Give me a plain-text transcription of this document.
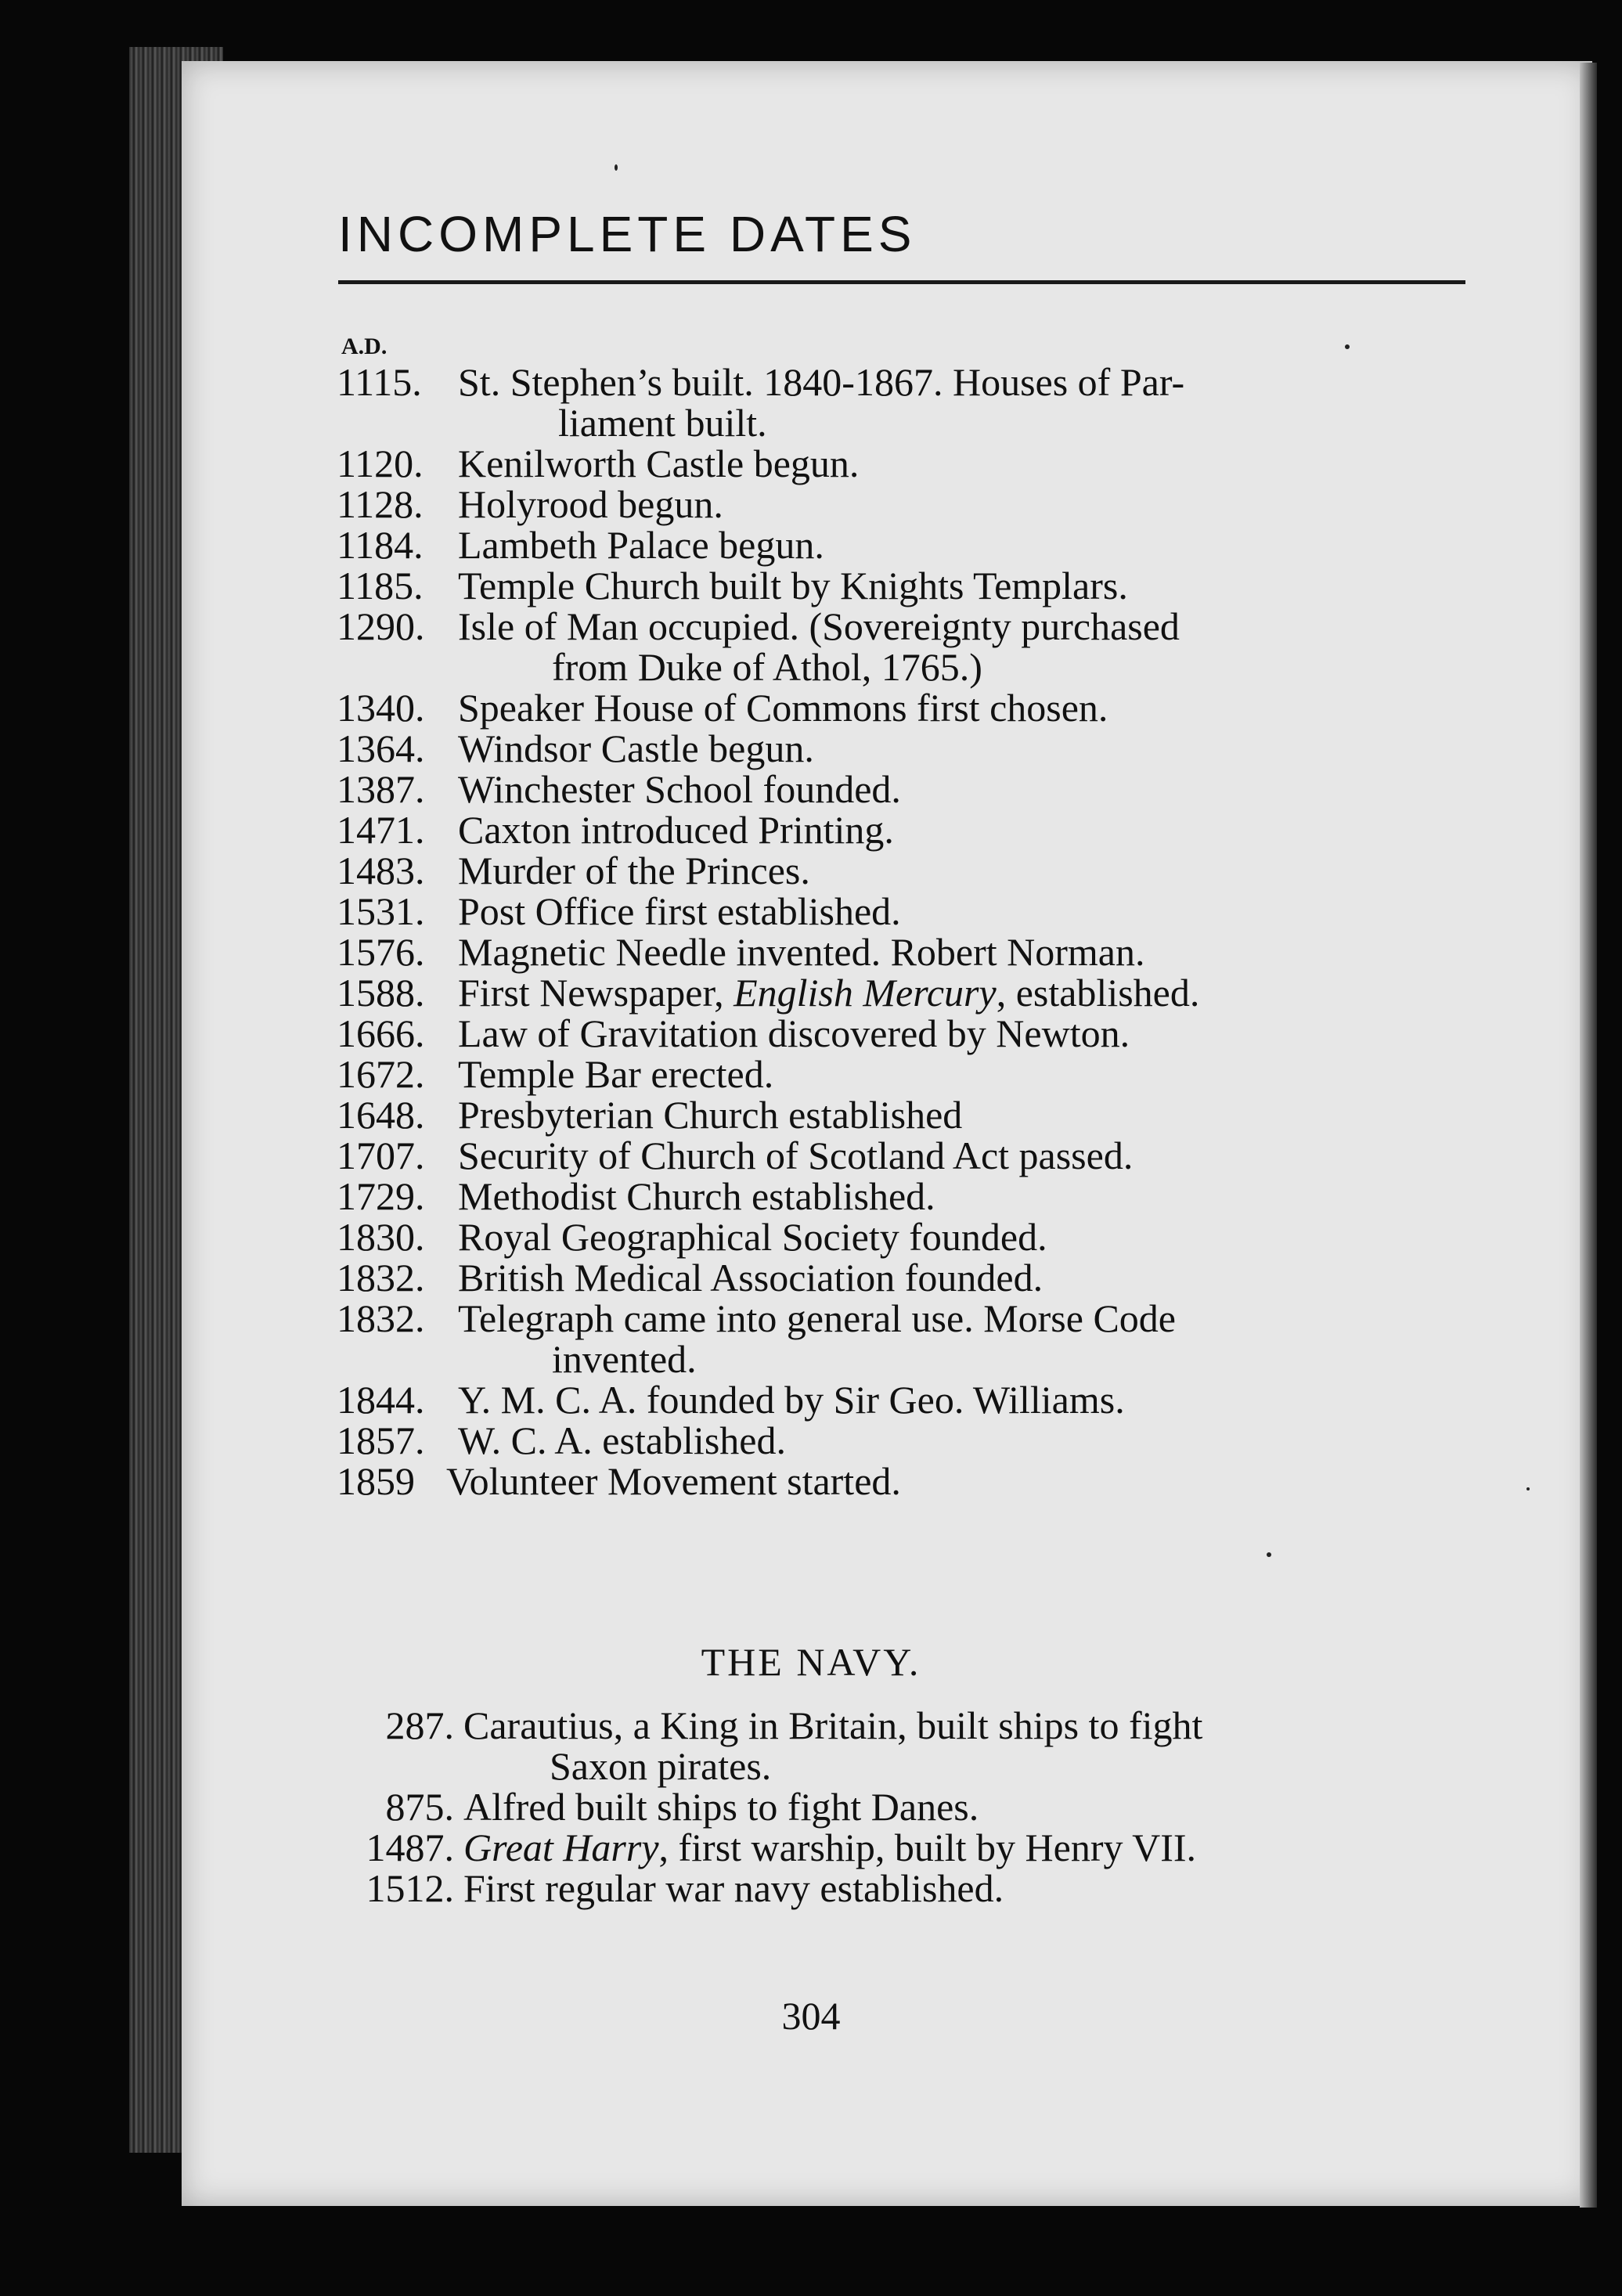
INCOMPLETE DATES
A.D.
1115. St. Stephen’s built. 1840-1867. Houses of Par-
liament built.
1120. Kenilworth Castle begun.
1128. Holyrood begun.
1184. Lambeth Palace begun.
1185. Temple Church built by Knights Templars.
1290. Isle of Man occupied. (Sovereignty purchased
from Duke of Athol, 1765.)
1340. Speaker House of Commons first chosen.
1364. Windsor Castle begun.
1387. Winchester School founded.
1471. Caxton introduced Printing.
1483. Murder of the Princes.
1531. Post Office first established.
1576. Magnetic Needle invented. Robert Norman.
1588. First Newspaper, English Mercury, established.
1666. Law of Gravitation discovered by Newton.
1672. Temple Bar erected.
1648. Presbyterian Church established
1707. Security of Church of Scotland Act passed.
1729. Methodist Church established.
1830. Royal Geographical Society founded.
1832. British Medical Association founded.
1832. Telegraph came into general use. Morse Code
invented.
1844. Y. M. C. A. founded by Sir Geo. Williams.
1857. W. C. A. established.
1859 Volunteer Movement started.
THE NAVY.
287. Carautius, a King in Britain, built ships to fight
Saxon pirates.
875. Alfred built ships to fight Danes.
1487. Great Harry, first warship, built by Henry VII.
1512. First regular war navy established.
304
